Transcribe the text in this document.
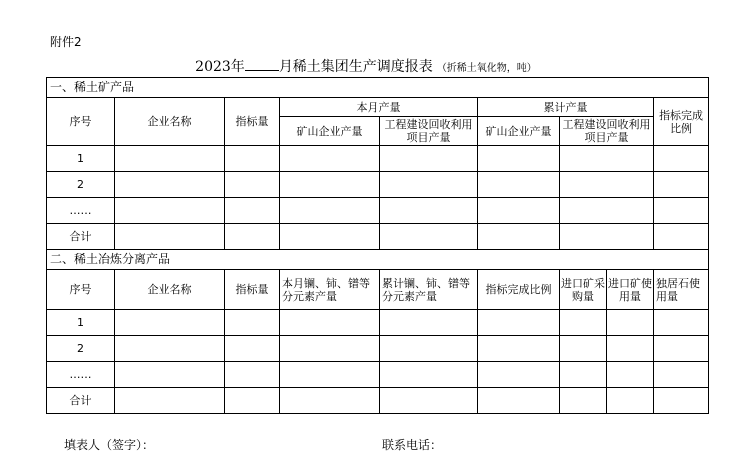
附件2
2023年 月稀土集团生产调度报表 （折稀土氧化物，吨）
一、稀土矿产品								
序号	企业名称	指标量	本月产量		累计产量			指标完成比例
			矿山企业产量	工程建设回收利用项目产量	矿山企业产量	工程建设回收利用项目产量		
1								
2								
……								
合计								
二、稀土冶炼分离产品								
序号	企业名称	指标量	本月镧、铈、镨等分元素产量	累计镧、铈、镨等分元素产量	指标完成比例	进口矿采购量	进口矿使用量	独居石使用量
1								
2								
……								
合计								
填表人（签字）：	联系电话：
